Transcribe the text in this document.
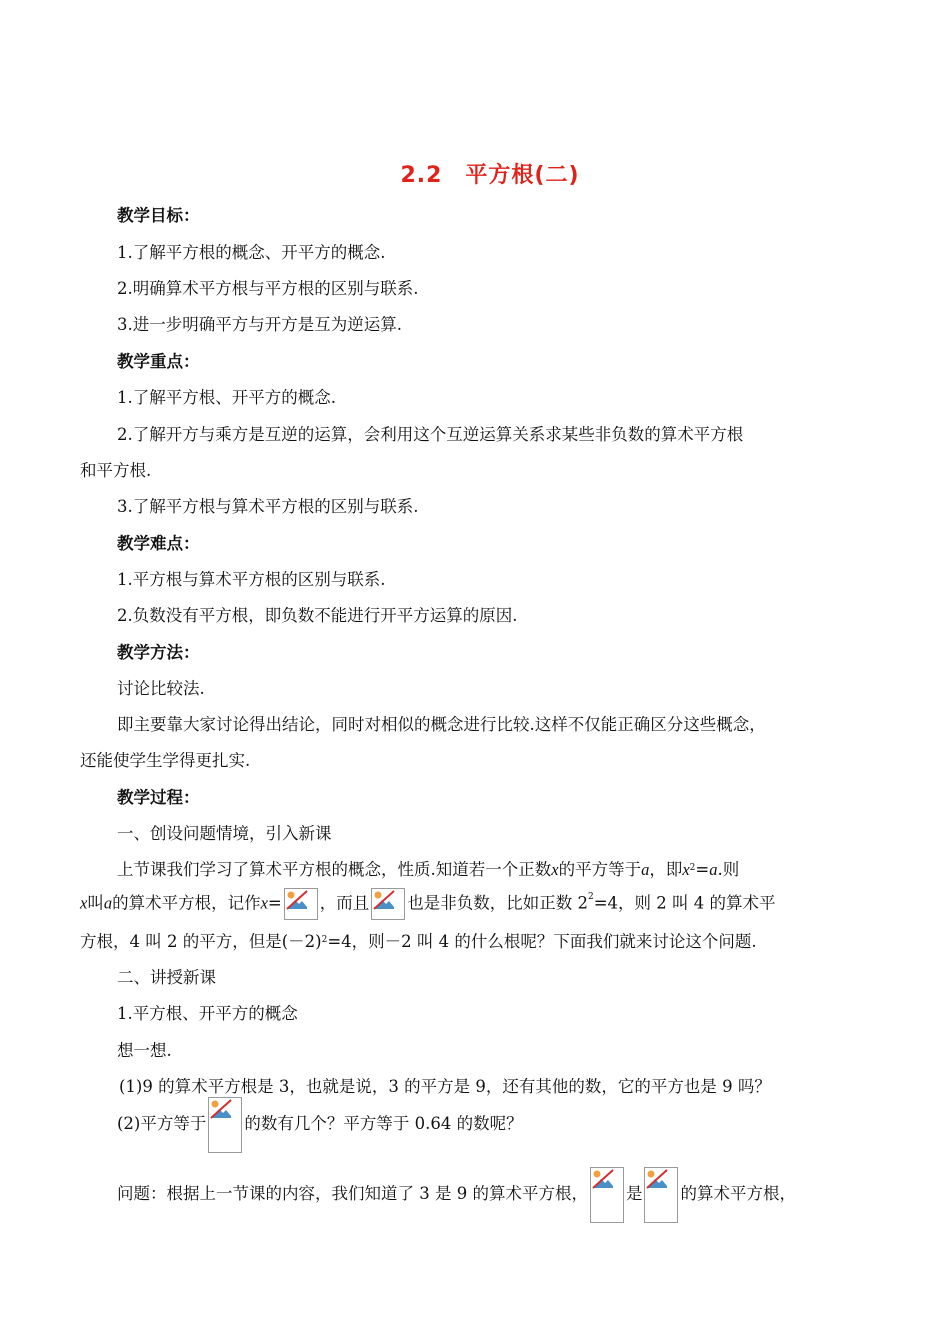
2.2　平方根(二)
教学目标：
1.了解平方根的概念、开平方的概念.
2.明确算术平方根与平方根的区别与联系.
3.进一步明确平方与开方是互为逆运算.
教学重点：
1.了解平方根、开平方的概念.
2.了解开方与乘方是互逆的运算，会利用这个互逆运算关系求某些非负数的算术平方根
和平方根.
3.了解平方根与算术平方根的区别与联系.
教学难点：
1.平方根与算术平方根的区别与联系.
2.负数没有平方根，即负数不能进行开平方运算的原因.
教学方法：
讨论比较法.
即主要靠大家讨论得出结论，同时对相似的概念进行比较.这样不仅能正确区分这些概念，
还能使学生学得更扎实.
教学过程：
一、创设问题情境，引入新课
上节课我们学习了算术平方根的概念，性质.知道若一个正数x的平方等于a，即$x^2=a$.则
x叫a的算术平方根，记作x= ，而且 也是非负数，比如正数 $2^2=4$，则 2 叫 4 的算术平
方根，4 叫 2 的平方，但是$(-2)^2=4$，则－2 叫 4 的什么根呢？下面我们就来讨论这个问题.
二、讲授新课
1.平方根、开平方的概念
想一想.
(1)9 的算术平方根是 3，也就是说，3 的平方是 9，还有其他的数，它的平方也是 9 吗？
(2)平方等于 的数有几个？平方等于 0.64 的数呢？
问题：根据上一节课的内容，我们知道了 3 是 9 的算术平方根， 是 的算术平方根，
